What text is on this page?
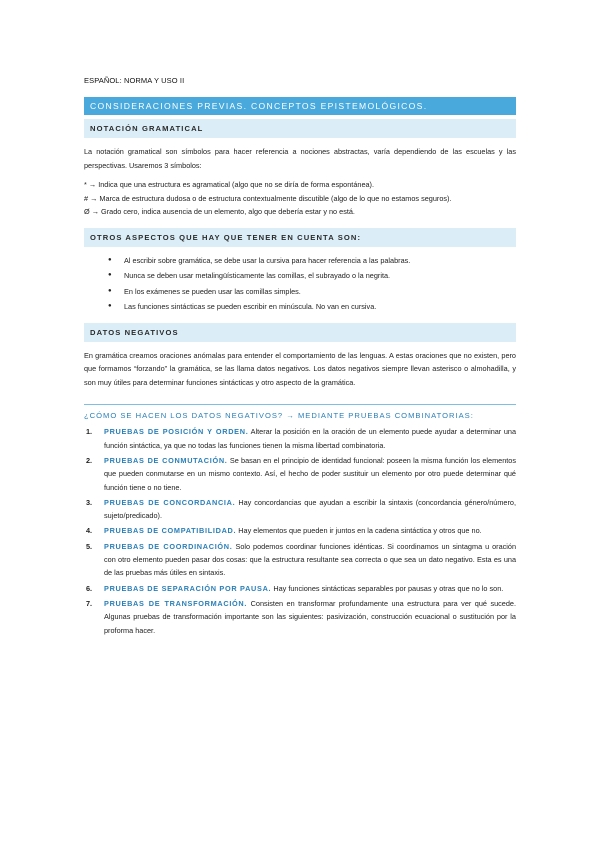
ESPAÑOL: NORMA Y USO II
CONSIDERACIONES PREVIAS. CONCEPTOS EPISTEMOLÓGICOS.
NOTACIÓN GRAMATICAL

La notación gramatical son símbolos para hacer referencia a nociones abstractas, varía dependiendo de las escuelas y las perspectivas. Usaremos 3 símbolos:

* → Indica que una estructura es agramatical (algo que no se diría de forma espontánea).
# → Marca de estructura dudosa o de estructura contextualmente discutible (algo de lo que no estamos seguros).
Ø → Grado cero, indica ausencia de un elemento, algo que debería estar y no está.
OTROS ASPECTOS QUE HAY QUE TENER EN CUENTA SON:
● Al escribir sobre gramática, se debe usar la cursiva para hacer referencia a las palabras.
● Nunca se deben usar metalingüísticamente las comillas, el subrayado o la negrita.
● En los exámenes se pueden usar las comillas simples.
● Las funciones sintácticas se pueden escribir en minúscula. No van en cursiva.
DATOS NEGATIVOS

En gramática creamos oraciones anómalas para entender el comportamiento de las lenguas. A estas oraciones que no existen, pero que formamos “forzando” la gramática, se las llama datos negativos. Los datos negativos siempre llevan asterisco o almohadilla, y son muy útiles para determinar funciones sintácticas y otro aspecto de la gramática.

¿CÓMO SE HACEN LOS DATOS NEGATIVOS? → MEDIANTE PRUEBAS COMBINATORIAS:
1. PRUEBAS DE POSICIÓN Y ORDEN. Alterar la posición en la oración de un elemento puede ayudar a determinar una función sintáctica, ya que no todas las funciones tienen la misma libertad combinatoria.
2. PRUEBAS DE CONMUTACIÓN. Se basan en el principio de identidad funcional: poseen la misma función los elementos que pueden conmutarse en un mismo contexto. Así, el hecho de poder sustituir un elemento por otro puede determinar qué función tiene o no tiene.
3. PRUEBAS DE CONCORDANCIA. Hay concordancias que ayudan a escribir la sintaxis (concordancia género/número, sujeto/predicado).
4. PRUEBAS DE COMPATIBILIDAD. Hay elementos que pueden ir juntos en la cadena sintáctica y otros que no.
5. PRUEBAS DE COORDINACIÓN. Solo podemos coordinar funciones idénticas. Si coordinamos un sintagma u oración con otro elemento pueden pasar dos cosas: que la estructura resultante sea correcta o que sea un dato negativo. Esta es una de las pruebas más útiles en sintaxis.
6. PRUEBAS DE SEPARACIÓN POR PAUSA. Hay funciones sintácticas separables por pausas y otras que no lo son.
7. PRUEBAS DE TRANSFORMACIÓN. Consisten en transformar profundamente una estructura para ver qué sucede. Algunas pruebas de transformación importante son las siguientes: pasivización, construcción ecuacional o sustitución por la proforma hacer.
